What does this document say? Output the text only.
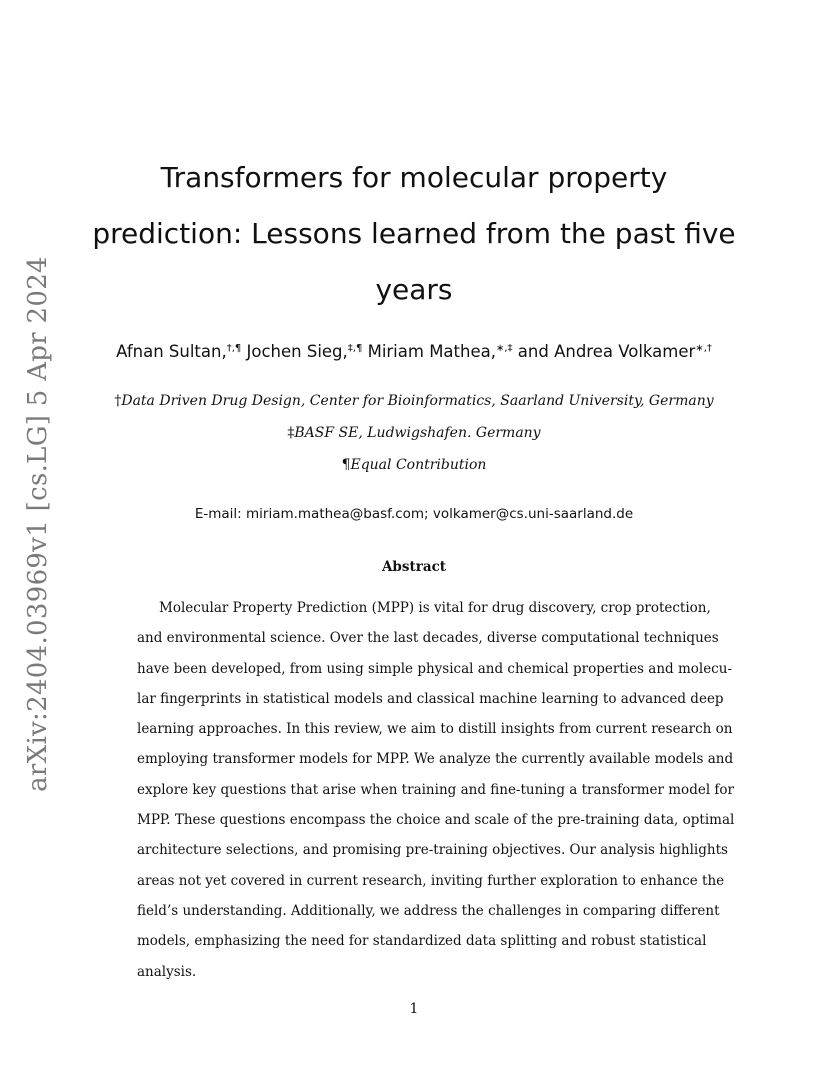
arXiv:2404.03969v1 [cs.LG] 5 Apr 2024
Transformers for molecular property
prediction: Lessons learned from the past five
years
Afnan Sultan,†,¶ Jochen Sieg,‡,¶ Miriam Mathea,∗,‡ and Andrea Volkamer∗,†
†Data Driven Drug Design, Center for Bioinformatics, Saarland University, Germany
‡BASF SE, Ludwigshafen. Germany
¶Equal Contribution
E-mail: miriam.mathea@basf.com; volkamer@cs.uni-saarland.de
Abstract
Molecular Property Prediction (MPP) is vital for drug discovery, crop protection,
and environmental science. Over the last decades, diverse computational techniques
have been developed, from using simple physical and chemical properties and molecu-
lar fingerprints in statistical models and classical machine learning to advanced deep
learning approaches. In this review, we aim to distill insights from current research on
employing transformer models for MPP. We analyze the currently available models and
explore key questions that arise when training and fine-tuning a transformer model for
MPP. These questions encompass the choice and scale of the pre-training data, optimal
architecture selections, and promising pre-training objectives. Our analysis highlights
areas not yet covered in current research, inviting further exploration to enhance the
field’s understanding. Additionally, we address the challenges in comparing different
models, emphasizing the need for standardized data splitting and robust statistical
analysis.
1
